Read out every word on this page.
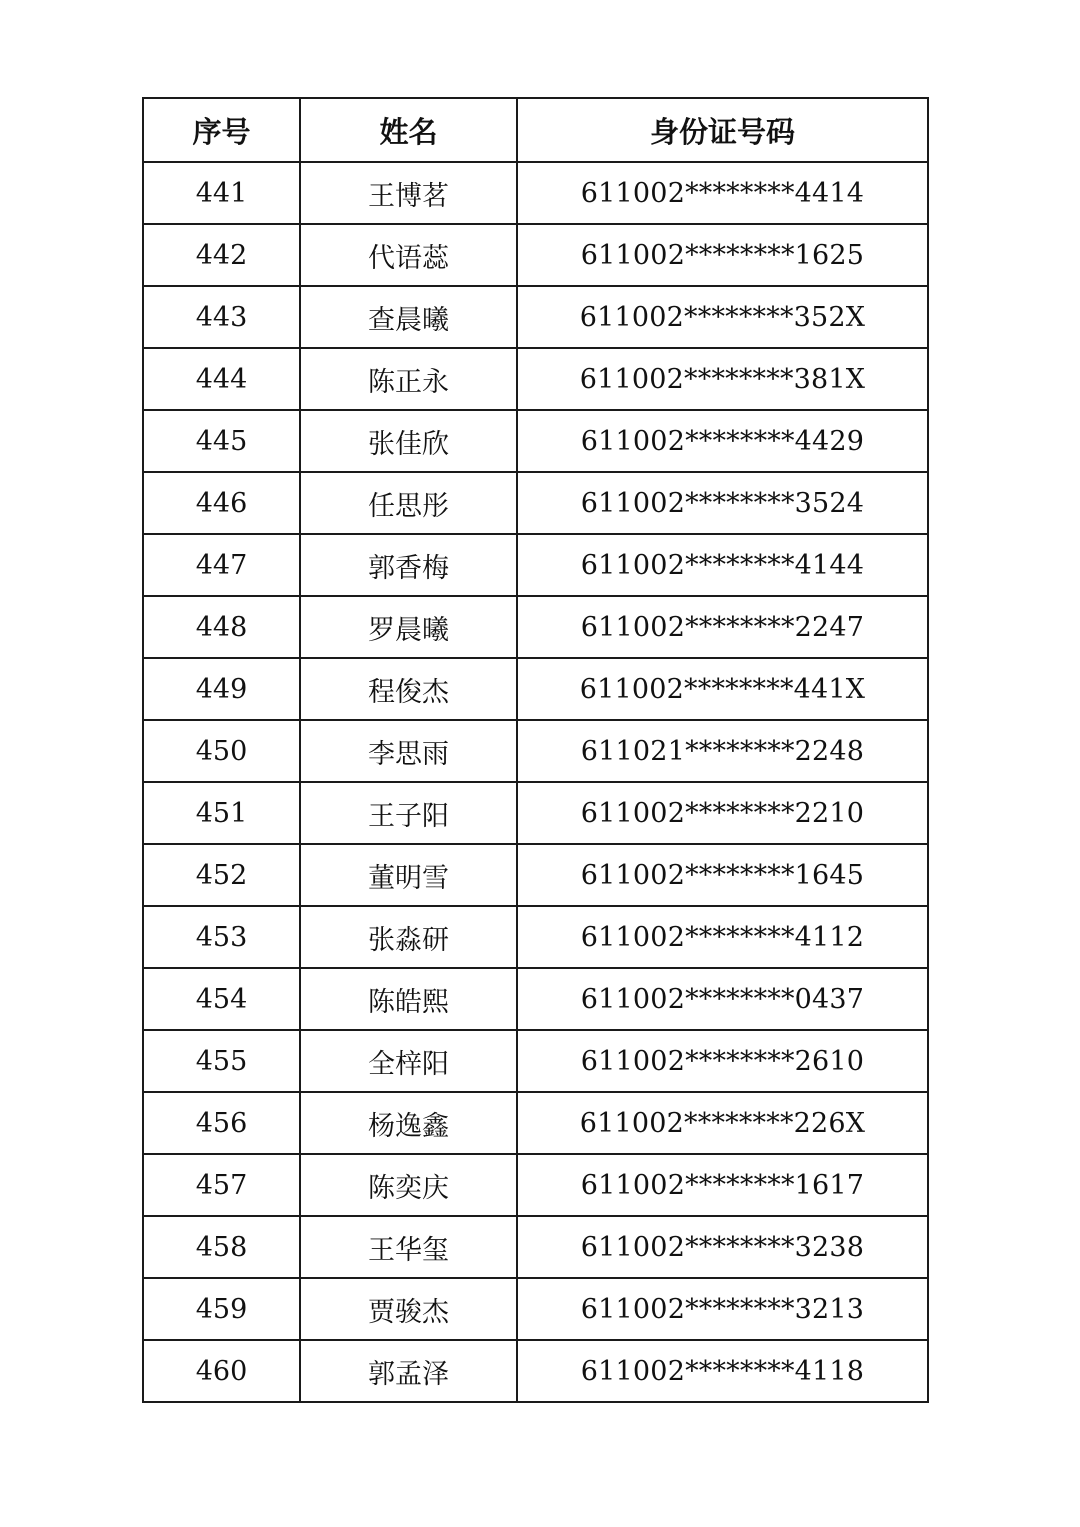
序号	姓名	身份证号码
441	王博茗	611002********4414
442	代语蕊	611002********1625
443	查晨曦	611002********352X
444	陈正永	611002********381X
445	张佳欣	611002********4429
446	任思彤	611002********3524
447	郭香梅	611002********4144
448	罗晨曦	611002********2247
449	程俊杰	611002********441X
450	李思雨	611021********2248
451	王子阳	611002********2210
452	董明雪	611002********1645
453	张淼研	611002********4112
454	陈皓熙	611002********0437
455	全梓阳	611002********2610
456	杨逸鑫	611002********226X
457	陈奕庆	611002********1617
458	王华玺	611002********3238
459	贾骏杰	611002********3213
460	郭孟泽	611002********4118
